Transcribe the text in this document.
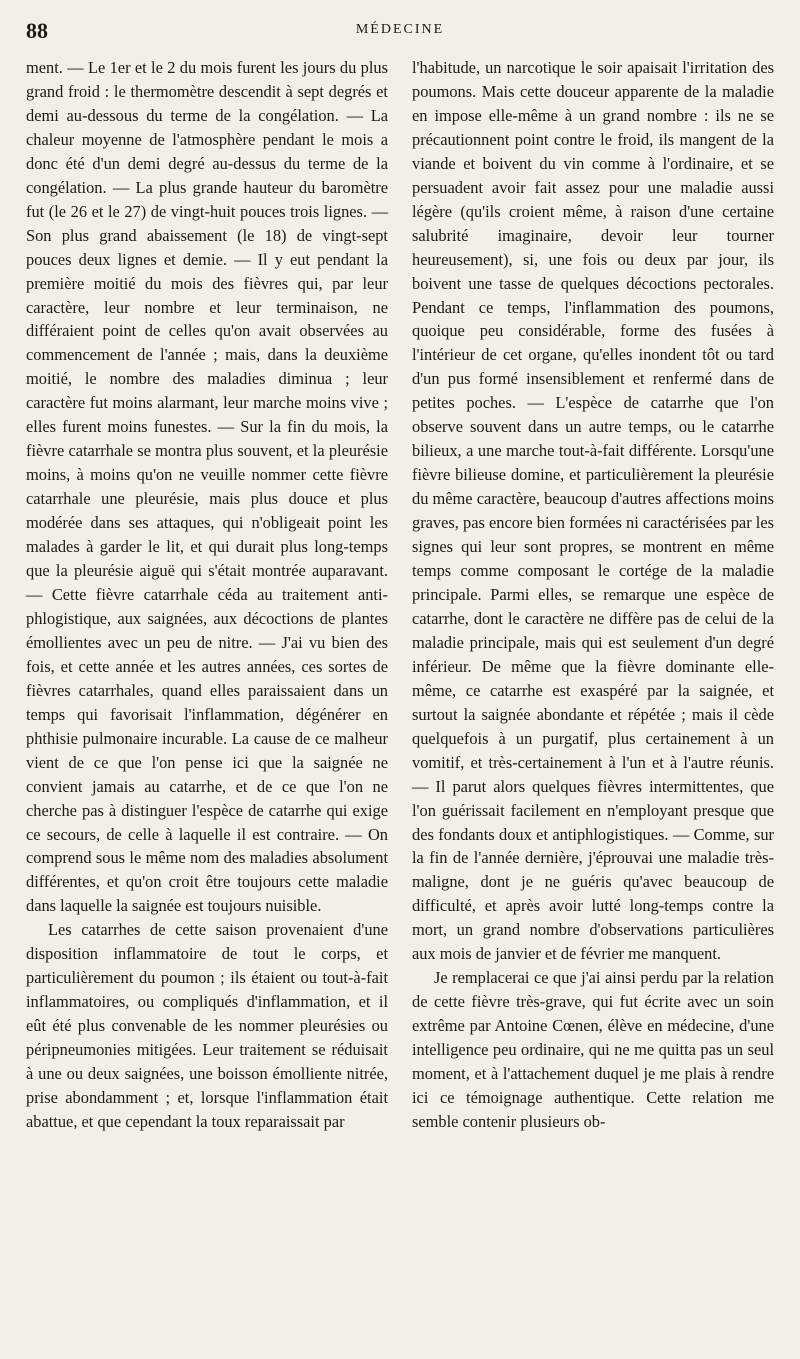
88	MÉDECINE

ment. — Le 1er et le 2 du mois furent les jours du plus grand froid : le thermomètre descendit à sept degrés et demi au-dessous du terme de la congélation. — La chaleur moyenne de l'atmosphère pendant le mois a donc été d'un demi degré au-dessus du terme de la congélation. — La plus grande hauteur du baromètre fut (le 26 et le 27) de vingt-huit pouces trois lignes. — Son plus grand abaissement (le 18) de vingt-sept pouces deux lignes et demie. — Il y eut pendant la première moitié du mois des fièvres qui, par leur caractère, leur nombre et leur terminaison, ne différaient point de celles qu'on avait observées au commencement de l'année ; mais, dans la deuxième moitié, le nombre des maladies diminua ; leur caractère fut moins alarmant, leur marche moins vive ; elles furent moins funestes. — Sur la fin du mois, la fièvre catarrhale se montra plus souvent, et la pleurésie moins, à moins qu'on ne veuille nommer cette fièvre catarrhale une pleurésie, mais plus douce et plus modérée dans ses attaques, qui n'obligeait point les malades à garder le lit, et qui durait plus long-temps que la pleurésie aiguë qui s'était montrée auparavant. — Cette fièvre catarrhale céda au traitement anti-phlogistique, aux saignées, aux décoctions de plantes émollientes avec un peu de nitre. — J'ai vu bien des fois, et cette année et les autres années, ces sortes de fièvres catarrhales, quand elles paraissaient dans un temps qui favorisait l'inflammation, dégénérer en phthisie pulmonaire incurable. La cause de ce malheur vient de ce que l'on pense ici que la saignée ne convient jamais au catarrhe, et de ce que l'on ne cherche pas à distinguer l'espèce de catarrhe qui exige ce secours, de celle à laquelle il est contraire. — On comprend sous le même nom des maladies absolument différentes, et qu'on croit être toujours cette maladie dans laquelle la saignée est toujours nuisible.

Les catarrhes de cette saison provenaient d'une disposition inflammatoire de tout le corps, et particulièrement du poumon ; ils étaient ou tout-à-fait inflammatoires, ou compliqués d'inflammation, et il eût été plus convenable de les nommer pleurésies ou péripneumonies mitigées. Leur traitement se réduisait à une ou deux saignées, une boisson émolliente nitrée, prise abondamment ; et, lorsque l'inflammation était abattue, et que cependant la toux reparaissait par

l'habitude, un narcotique le soir apaisait l'irritation des poumons. Mais cette douceur apparente de la maladie en impose elle-même à un grand nombre : ils ne se précautionnent point contre le froid, ils mangent de la viande et boivent du vin comme à l'ordinaire, et se persuadent avoir fait assez pour une maladie aussi légère (qu'ils croient même, à raison d'une certaine salubrité imaginaire, devoir leur tourner heureusement), si, une fois ou deux par jour, ils boivent une tasse de quelques décoctions pectorales. Pendant ce temps, l'inflammation des poumons, quoique peu considérable, forme des fusées à l'intérieur de cet organe, qu'elles inondent tôt ou tard d'un pus formé insensiblement et renfermé dans de petites poches. — L'espèce de catarrhe que l'on observe souvent dans un autre temps, ou le catarrhe bilieux, a une marche tout-à-fait différente. Lorsqu'une fièvre bilieuse domine, et particulièrement la pleurésie du même caractère, beaucoup d'autres affections moins graves, pas encore bien formées ni caractérisées par les signes qui leur sont propres, se montrent en même temps comme composant le cortége de la maladie principale. Parmi elles, se remarque une espèce de catarrhe, dont le caractère ne diffère pas de celui de la maladie principale, mais qui est seulement d'un degré inférieur. De même que la fièvre dominante elle-même, ce catarrhe est exaspéré par la saignée, et surtout la saignée abondante et répétée ; mais il cède quelquefois à un purgatif, plus certainement à un vomitif, et très-certainement à l'un et à l'autre réunis. — Il parut alors quelques fièvres intermittentes, que l'on guérissait facilement en n'employant presque que des fondants doux et antiphlogistiques. — Comme, sur la fin de l'année dernière, j'éprouvai une maladie très-maligne, dont je ne guéris qu'avec beaucoup de difficulté, et après avoir lutté long-temps contre la mort, un grand nombre d'observations particulières aux mois de janvier et de février me manquent.

Je remplacerai ce que j'ai ainsi perdu par la relation de cette fièvre très-grave, qui fut écrite avec un soin extrême par Antoine Cœnen, élève en médecine, d'une intelligence peu ordinaire, qui ne me quitta pas un seul moment, et à l'attachement duquel je me plais à rendre ici ce témoignage authentique. Cette relation me semble contenir plusieurs ob-
